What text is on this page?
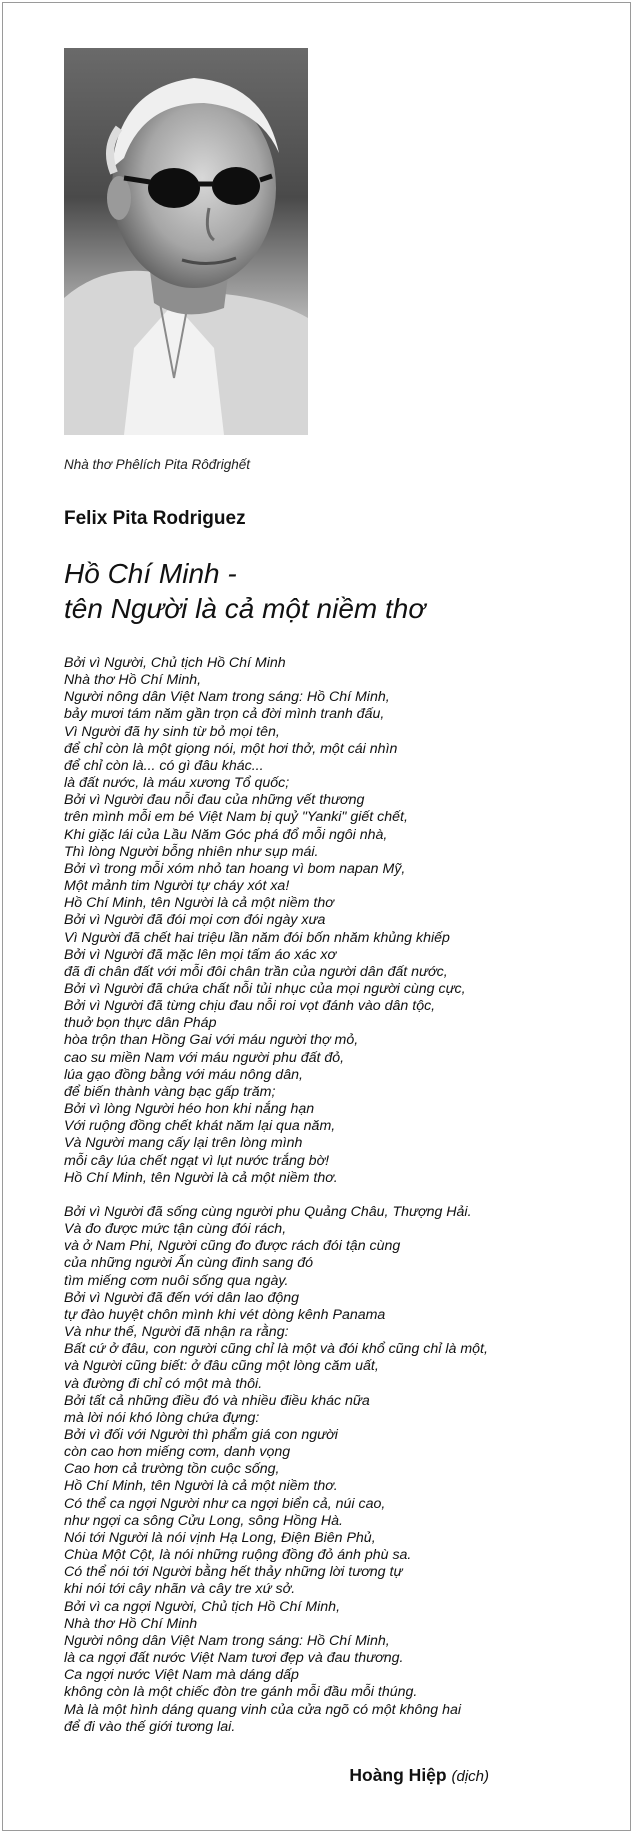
Nhà thơ Phêlích Pita Rôđrighết
Felix Pita Rodriguez
Hồ Chí Minh -
tên Người là cả một niềm thơ
Bởi vì Người, Chủ tịch Hồ Chí Minh
Nhà thơ Hồ Chí Minh,
Người nông dân Việt Nam trong sáng: Hồ Chí Minh,
bảy mươi tám năm gần trọn cả đời mình tranh đấu,
Vì Người đã hy sinh từ bỏ mọi tên,
để chỉ còn là một giọng nói, một hơi thở, một cái nhìn
để chỉ còn là... có gì đâu khác...
là đất nước, là máu xương Tổ quốc;
Bởi vì Người đau nỗi đau của những vết thương
trên mình mỗi em bé Việt Nam bị quỷ "Yanki" giết chết,
Khi giặc lái của Lầu Năm Góc phá đổ mỗi ngôi nhà,
Thì lòng Người bỗng nhiên như sụp mái.
Bởi vì trong mỗi xóm nhỏ tan hoang vì bom napan Mỹ,
Một mảnh tim Người tự cháy xót xa!
Hồ Chí Minh, tên Người là cả một niềm thơ
Bởi vì Người đã đói mọi cơn đói ngày xưa
Vì Người đã chết hai triệu lần năm đói bốn nhăm khủng khiếp
Bởi vì Người đã mặc lên mọi tấm áo xác xơ
đã đi chân đất với mỗi đôi chân trần của người dân đất nước,
Bởi vì Người đã chứa chất nỗi tủi nhục của mọi người cùng cực,
Bởi vì Người đã từng chịu đau nỗi roi vọt đánh vào dân tộc,
thuở bọn thực dân Pháp
hòa trộn than Hồng Gai với máu người thợ mỏ,
cao su miền Nam với máu người phu đất đỏ,
lúa gạo đồng bằng với máu nông dân,
để biến thành vàng bạc gấp trăm;
Bởi vì lòng Người héo hon khi nắng hạn
Với ruộng đồng chết khát năm lại qua năm,
Và Người mang cấy lại trên lòng mình
mỗi cây lúa chết ngạt vì lụt nước trắng bờ!
Hồ Chí Minh, tên Người là cả một niềm thơ.
Bởi vì Người đã sống cùng người phu Quảng Châu, Thượng Hải.
Và đo được mức tận cùng đói rách,
và ở Nam Phi, Người cũng đo được rách đói tận cùng
của những người Ấn cùng đinh sang đó
tìm miếng cơm nuôi sống qua ngày.
Bởi vì Người đã đến với dân lao động
tự đào huyệt chôn mình khi vét dòng kênh Panama
Và như thế, Người đã nhận ra rằng:
Bất cứ ở đâu, con người cũng chỉ là một và đói khổ cũng chỉ là một,
và Người cũng biết: ở đâu cũng một lòng căm uất,
và đường đi chỉ có một mà thôi.
Bởi tất cả những điều đó và nhiều điều khác nữa
mà lời nói khó lòng chứa đựng:
Bởi vì đối với Người thì phẩm giá con người
còn cao hơn miếng cơm, danh vọng
Cao hơn cả trường tồn cuộc sống,
Hồ Chí Minh, tên Người là cả một niềm thơ.
Có thể ca ngợi Người như ca ngợi biển cả, núi cao,
như ngợi ca sông Cửu Long, sông Hồng Hà.
Nói tới Người là nói vịnh Hạ Long, Điện Biên Phủ,
Chùa Một Cột, là nói những ruộng đồng đỏ ánh phù sa.
Có thể nói tới Người bằng hết thảy những lời tương tự
khi nói tới cây nhãn và cây tre xứ sở.
Bởi vì ca ngợi Người, Chủ tịch Hồ Chí Minh,
Nhà thơ Hồ Chí Minh
Người nông dân Việt Nam trong sáng: Hồ Chí Minh,
là ca ngợi đất nước Việt Nam tươi đẹp và đau thương.
Ca ngợi nước Việt Nam mà dáng dấp
không còn là một chiếc đòn tre gánh mỗi đầu mỗi thúng.
Mà là một hình dáng quang vinh của cửa ngõ có một không hai
để đi vào thế giới tương lai.
Hoàng Hiệp (dịch)
